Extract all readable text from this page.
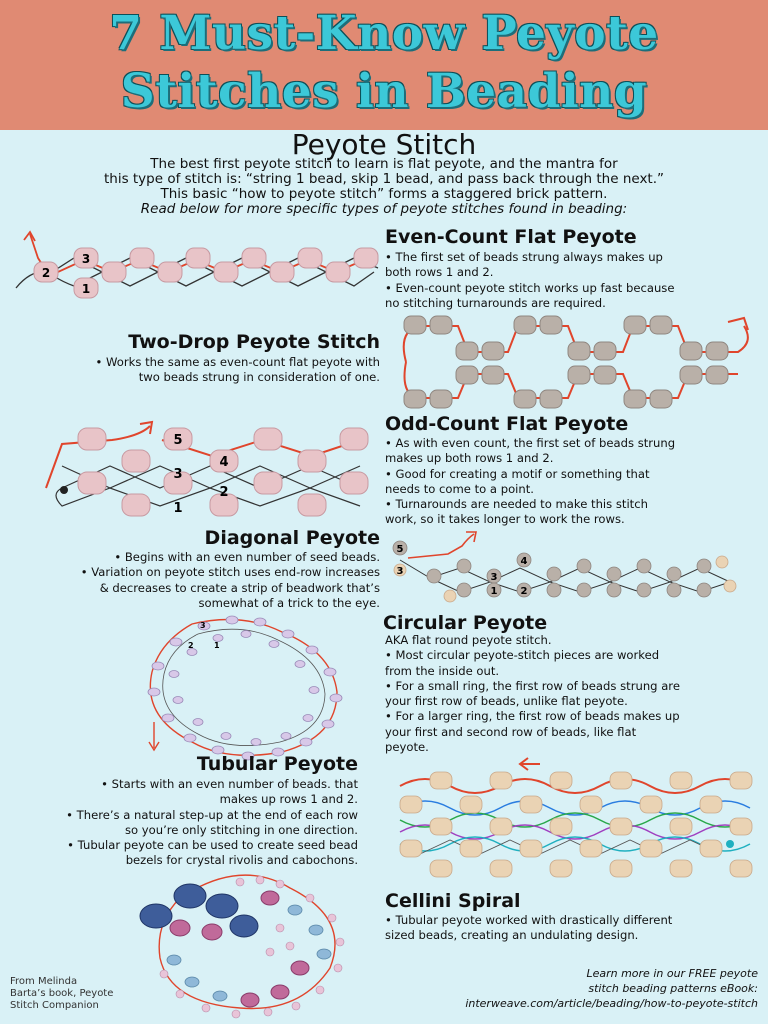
7 Must-Know Peyote
Stitches in Beading
Peyote Stitch
The best first peyote stitch to learn is flat peyote, and the mantra for
this type of stitch is: “string 1 bead, skip 1 bead, and pass back through the next.”
This basic “how to peyote stitch” forms a staggered brick pattern.
Read below for more specific types of peyote stitches found in beading:
3
2
1
Even-Count Flat Peyote

• The first set of beads strung always makes up

both rows 1 and 2.

• Even-count peyote stitch works up fast because

no stitching turnarounds are required.

Two-Drop Peyote Stitch

• Works the same as even-count flat peyote with

two beads strung in consideration of one.

5
4
3
2
1
Odd-Count Flat Peyote

• As with even count, the first set of beads strung

makes up both rows 1 and 2.

• Good for creating a motif or something that

needs to come to a point.

• Turnarounds are needed to make this stitch

work, so it takes longer to work the rows.

Diagonal Peyote

• Begins with an even number of seed beads.

• Variation on peyote stitch uses end-row increases

& decreases to create a strip of beadwork that’s

somewhat of a trick to the eye.

5
3
4
3
2
1
3
2	1
Circular Peyote

AKA flat round peyote stitch.

• Most circular peyote-stitch pieces are worked

from the inside out.

• For a small ring, the first row of beads strung are

your first row of beads, unlike flat peyote.

• For a larger ring, the first row of beads makes up

your first and second row of beads, like flat

peyote.

Tubular Peyote

• Starts with an even number of beads. that

makes up rows 1 and 2.

• There’s a natural step-up at the end of each row

so you’re only stitching in one direction.

• Tubular peyote can be used to create seed bead

bezels for crystal rivolis and cabochons.

Cellini Spiral

• Tubular peyote worked with drastically different

sized beads, creating an undulating design.

From Melinda
Barta’s book, Peyote
Stitch Companion
Learn more in our FREE peyote
stitch beading patterns eBook:
interweave.com/article/beading/how-to-peyote-stitch
